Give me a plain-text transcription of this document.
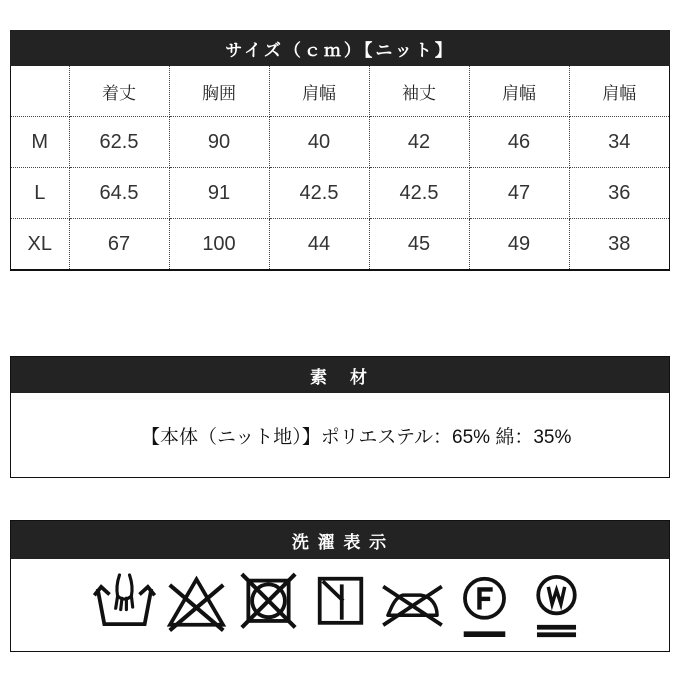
サイズ（ｃｍ）【ニット】
	着丈	胸囲	肩幅	袖丈	肩幅	肩幅
M	62.5	90	40	42	46	34
L	64.5	91	42.5	42.5	47	36
XL	67	100	44	45	49	38
素　材
【本体（ニット地）】ポリエステル：65% 綿：35%
洗 濯 表 示
